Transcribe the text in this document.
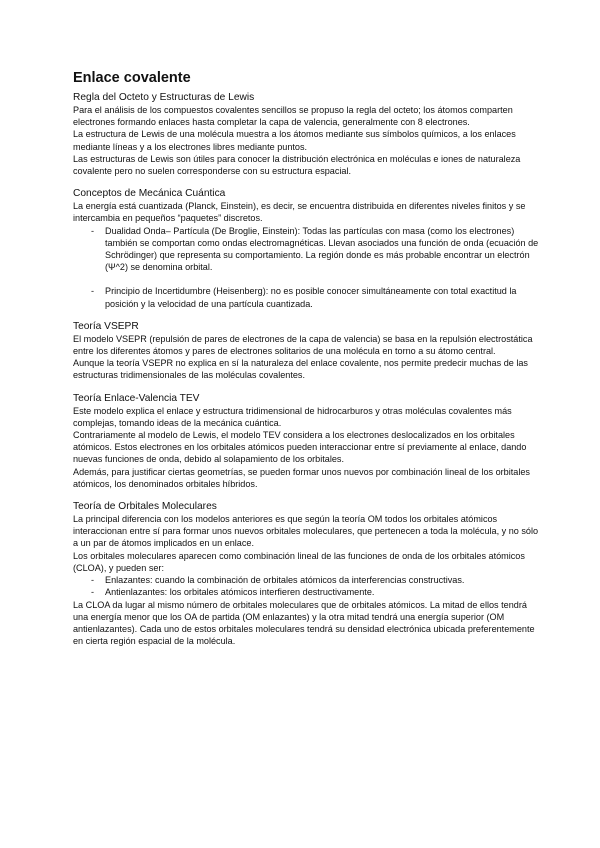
Enlace covalente
Regla del Octeto y Estructuras de Lewis

Para el análisis de los compuestos covalentes sencillos se propuso la regla del octeto; los átomos comparten electrones formando enlaces hasta completar la capa de valencia, generalmente con 8 electrones.

La estructura de Lewis de una molécula muestra a los átomos mediante sus símbolos químicos, a los enlaces mediante líneas y a los electrones libres mediante puntos.

Las estructuras de Lewis son útiles para conocer la distribución electrónica en moléculas e iones de naturaleza covalente pero no suelen corresponderse con su estructura espacial.

Conceptos de Mecánica Cuántica

La energía está cuantizada (Planck, Einstein), es decir, se encuentra distribuida en diferentes niveles finitos y se intercambia en pequeños “paquetes” discretos.

- Dualidad Onda– Partícula (De Broglie, Einstein): Todas las partículas con masa (como los electrones) también se comportan como ondas electromagnéticas. Llevan asociados una función de onda (ecuación de Schrödinger) que representa su comportamiento. La región donde es más probable encontrar un electrón (Ψ^2) se denomina orbital.
- Principio de Incertidumbre (Heisenberg): no es posible conocer simultáneamente con total exactitud la posición y la velocidad de una partícula cuantizada.
Teoría VSEPR

El modelo VSEPR (repulsión de pares de electrones de la capa de valencia) se basa en la repulsión electrostática entre los diferentes átomos y pares de electrones solitarios de una molécula en torno a su átomo central.

Aunque la teoría VSEPR no explica en sí la naturaleza del enlace covalente, nos permite predecir muchas de las estructuras tridimensionales de las moléculas covalentes.

Teoría Enlace-Valencia TEV

Este modelo explica el enlace y estructura tridimensional de hidrocarburos y otras moléculas covalentes más complejas, tomando ideas de la mecánica cuántica.

Contrariamente al modelo de Lewis, el modelo TEV considera a los electrones deslocalizados en los orbitales atómicos. Estos electrones en los orbitales atómicos pueden interaccionar entre sí previamente al enlace, dando nuevas funciones de onda, debido al solapamiento de los orbitales.

Además, para justificar ciertas geometrías, se pueden formar unos nuevos por combinación lineal de los orbitales atómicos, los denominados orbitales híbridos.

Teoría de Orbitales Moleculares

La principal diferencia con los modelos anteriores es que según la teoría OM todos los orbitales atómicos interaccionan entre sí para formar unos nuevos orbitales moleculares, que pertenecen a toda la molécula, y no sólo a un par de átomos implicados en un enlace.

Los orbitales moleculares aparecen como combinación lineal de las funciones de onda de los orbitales atómicos (CLOA), y pueden ser:

- Enlazantes: cuando la combinación de orbitales atómicos da interferencias constructivas.
- Antienlazantes: los orbitales atómicos interfieren destructivamente.

La CLOA da lugar al mismo número de orbitales moleculares que de orbitales atómicos. La mitad de ellos tendrá una energía menor que los OA de partida (OM enlazantes) y la otra mitad tendrá una energía superior (OM antienlazantes). Cada uno de estos orbitales moleculares tendrá su densidad electrónica ubicada preferentemente en cierta región espacial de la molécula.
